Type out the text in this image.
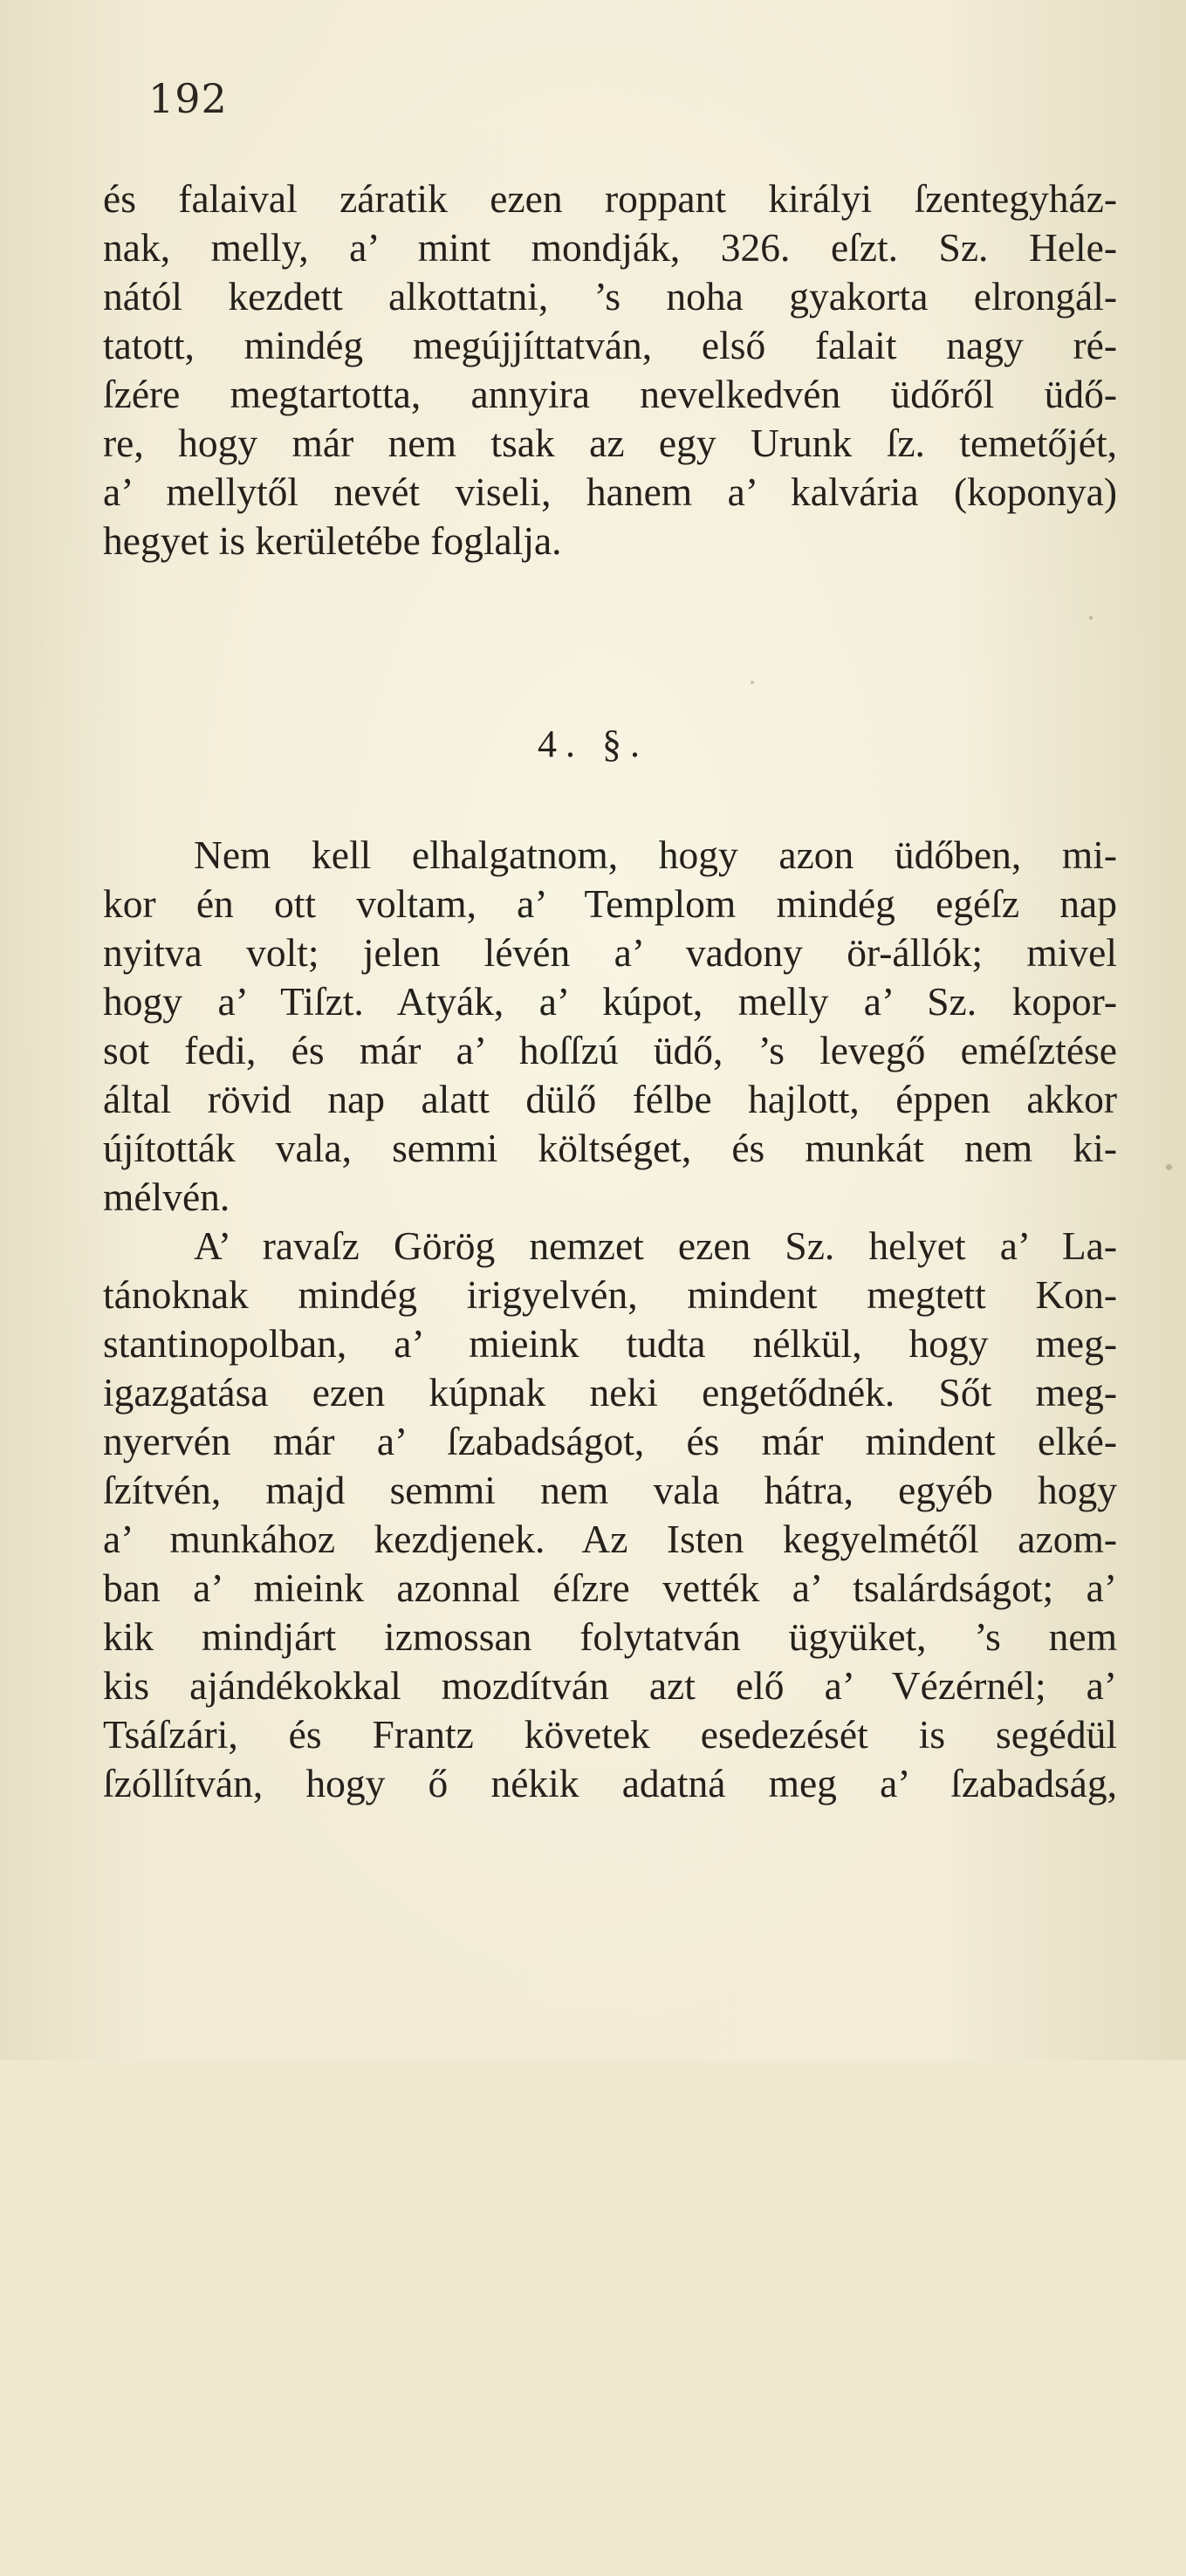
192
és falaival záratik ezen roppant királyi ſzentegyház-
nak, melly, a’ mint mondják, 326. eſzt. Sz. Hele-
nától kezdett alkottatni, ’s noha gyakorta elrongál-
tatott, mindég megújjíttatván, első falait nagy ré-
ſzére megtartotta, annyira nevelkedvén üdőről üdő-
re, hogy már nem tsak az egy Urunk ſz. temetőjét,
a’ mellytől nevét viseli, hanem a’ kalvária (koponya)
hegyet is kerületébe foglalja.
4. §.
Nem kell elhalgatnom, hogy azon üdőben, mi-
kor én ott voltam, a’ Templom mindég egéſz nap
nyitva volt; jelen lévén a’ vadony ör-állók; mivel
hogy a’ Tiſzt. Atyák, a’ kúpot, melly a’ Sz. kopor-
sot fedi, és már a’ hoſſzú üdő, ’s levegő eméſztése
által rövid nap alatt dülő félbe hajlott, éppen akkor
újították vala, semmi költséget, és munkát nem ki-
mélvén.
A’ ravaſz Görög nemzet ezen Sz. helyet a’ La-
tánoknak mindég irigyelvén, mindent megtett Kon-
stantinopolban, a’ mieink tudta nélkül, hogy meg-
igazgatása ezen kúpnak neki engetődnék. Sőt meg-
nyervén már a’ ſzabadságot, és már mindent elké-
ſzítvén, majd semmi nem vala hátra, egyéb hogy
a’ munkához kezdjenek. Az Isten kegyelmétől azom-
ban a’ mieink azonnal éſzre vették a’ tsalárdságot; a’
kik mindjárt izmossan folytatván ügyüket, ’s nem
kis ajándékokkal mozdítván azt elő a’ Vézérnél; a’
Tsáſzári, és Frantz követek esedezését is segédül
ſzóllítván, hogy ő nékik adatná meg a’ ſzabadság,
